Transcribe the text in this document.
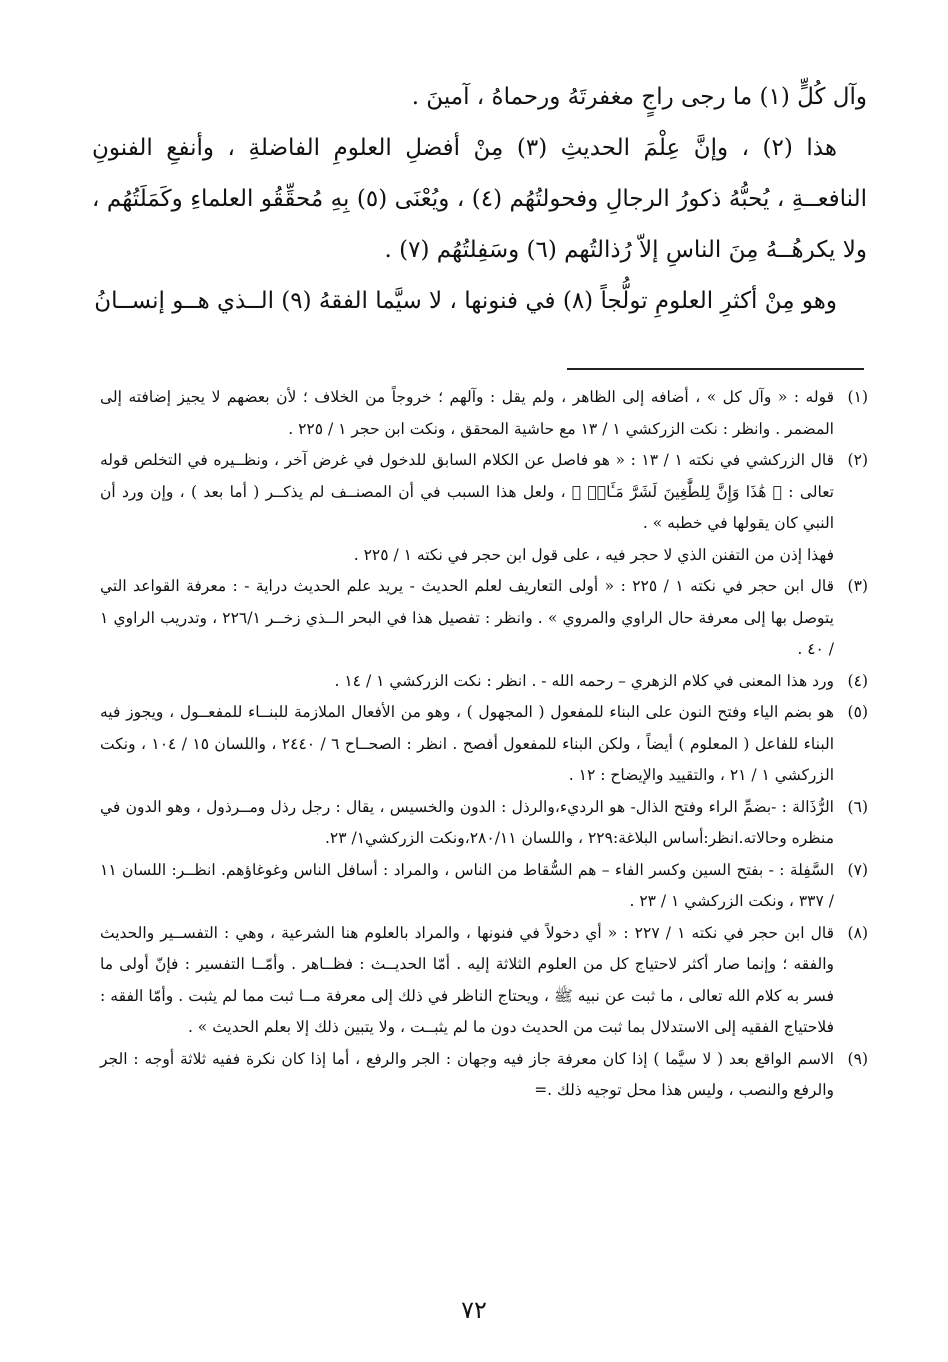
وآل كُلٍّ (١) ما رجى راجٍ مغفرتَهُ ورحماهُ ، آمينَ .

هذا (٢) ، وإنَّ عِلْمَ الحديثِ (٣) مِنْ أفضلِ العلومِ الفاضلةِ ، وأنفعِ الفنونِ النافعــةِ ، يُحبُّهُ ذكورُ الرجالِ وفحولتُهُم (٤) ، ويُعْنَى (٥) بِهِ مُحقِّقُو العلماءِ وكَمَلَتُهُم ، ولا يكرهُــهُ مِنَ الناسِ إلاّ رُذالتُهم (٦) وسَفِلتُهُم (٧) .

وهو مِنْ أكثرِ العلومِ تولُّجاً (٨) في فنونها ، لا سيَّما الفقهُ (٩) الــذي هــو إنســانُ

(١)
قوله : « وآل كل » ، أضافه إلى الظاهر ، ولم يقل : وآلهم ؛ خروجاً من الخلاف ؛ لأن بعضهم لا يجيز إضافته إلى المضمر . وانظر : نكت الزركشي ١ / ١٣ مع حاشية المحقق ، ونكت ابن حجر ١ / ٢٢٥ .
(٢)
قال الزركشي في نكته ١ / ١٣ : « هو فاصل عن الكلام السابق للدخول في غرض آخر ، ونظــيره في التخلص قوله تعالى : ﴿ هَٰذَا وَإِنَّ لِلطَّٰغِينَ لَشَرَّ مَـَٔابٖ ﴾ ، ولعل هذا السبب في أن المصنــف لم يذكــر ( أما بعد ) ، وإن ورد أن النبي كان يقولها في خطبه » .
فهذا إذن من التفنن الذي لا حجر فيه ، على قول ابن حجر في نكته ١ / ٢٢٥ .
(٣)
قال ابن حجر في نكته ١ / ٢٢٥ : « أولى التعاريف لعلم الحديث - يريد علم الحديث دراية - : معرفة القواعد التي يتوصل بها إلى معرفة حال الراوي والمروي » . وانظر : تفصيل هذا في البحر الــذي زخــر ٢٢٦/١ ، وتدريب الراوي ١ / ٤٠ .
(٤)
ورد هذا المعنى في كلام الزهري – رحمه الله - . انظر : نكت الزركشي ١ / ١٤ .
(٥)
هو بضم الياء وفتح النون على البناء للمفعول ( المجهول ) ، وهو من الأفعال الملازمة للبنــاء للمفعــول ، ويجوز فيه البناء للفاعل ( المعلوم ) أيضاً ، ولكن البناء للمفعول أفصح . انظر : الصحــاح ٦ / ٢٤٤٠ ، واللسان ١٥ / ١٠٤ ، ونكت الزركشي ١ / ٢١ ، والتقييد والإيضاح : ١٢ .
(٦)
الرُّذَالة : -بضمِّ الراء وفتح الذال- هو الرديء،والرذل : الدون والخسيس ، يقال : رجل رذل ومــرذول ، وهو الدون في منظره وحالاته.انظر:أساس البلاغة:٢٢٩ ، واللسان ٢٨٠/١١،ونكت الزركشي١/ ٢٣.
(٧)
السَّفِلة : - بفتح السين وكسر الفاء – هم السُّقاط من الناس ، والمراد : أسافل الناس وغوغاؤهم. انظــر: اللسان ١١ / ٣٣٧ ، ونكت الزركشي ١ / ٢٣ .
(٨)
قال ابن حجر في نكته ١ / ٢٢٧ : « أي دخولاً في فنونها ، والمراد بالعلوم هنا الشرعية ، وهي : التفســير والحديث والفقه ؛ وإنما صار أكثر لاحتياج كل من العلوم الثلاثة إليه . أمّا الحديــث : فظــاهر . وأمّــا التفسير : فإنّ أولى ما فسر به كلام الله تعالى ، ما ثبت عن نبيه ﷺ ، ويحتاج الناظر في ذلك إلى معرفة مــا ثبت مما لم يثبت . وأمّا الفقه : فلاحتياج الفقيه إلى الاستدلال بما ثبت من الحديث دون ما لم يثبــت ، ولا يتبين ذلك إلا بعلم الحديث » .
(٩)
الاسم الواقع بعد ( لا سيَّما ) إذا كان معرفة جاز فيه وجهان : الجر والرفع ، أما إذا كان نكرة ففيه ثلاثة أوجه : الجر والرفع والنصب ، وليس هذا محل توجيه ذلك .=
٧٢
